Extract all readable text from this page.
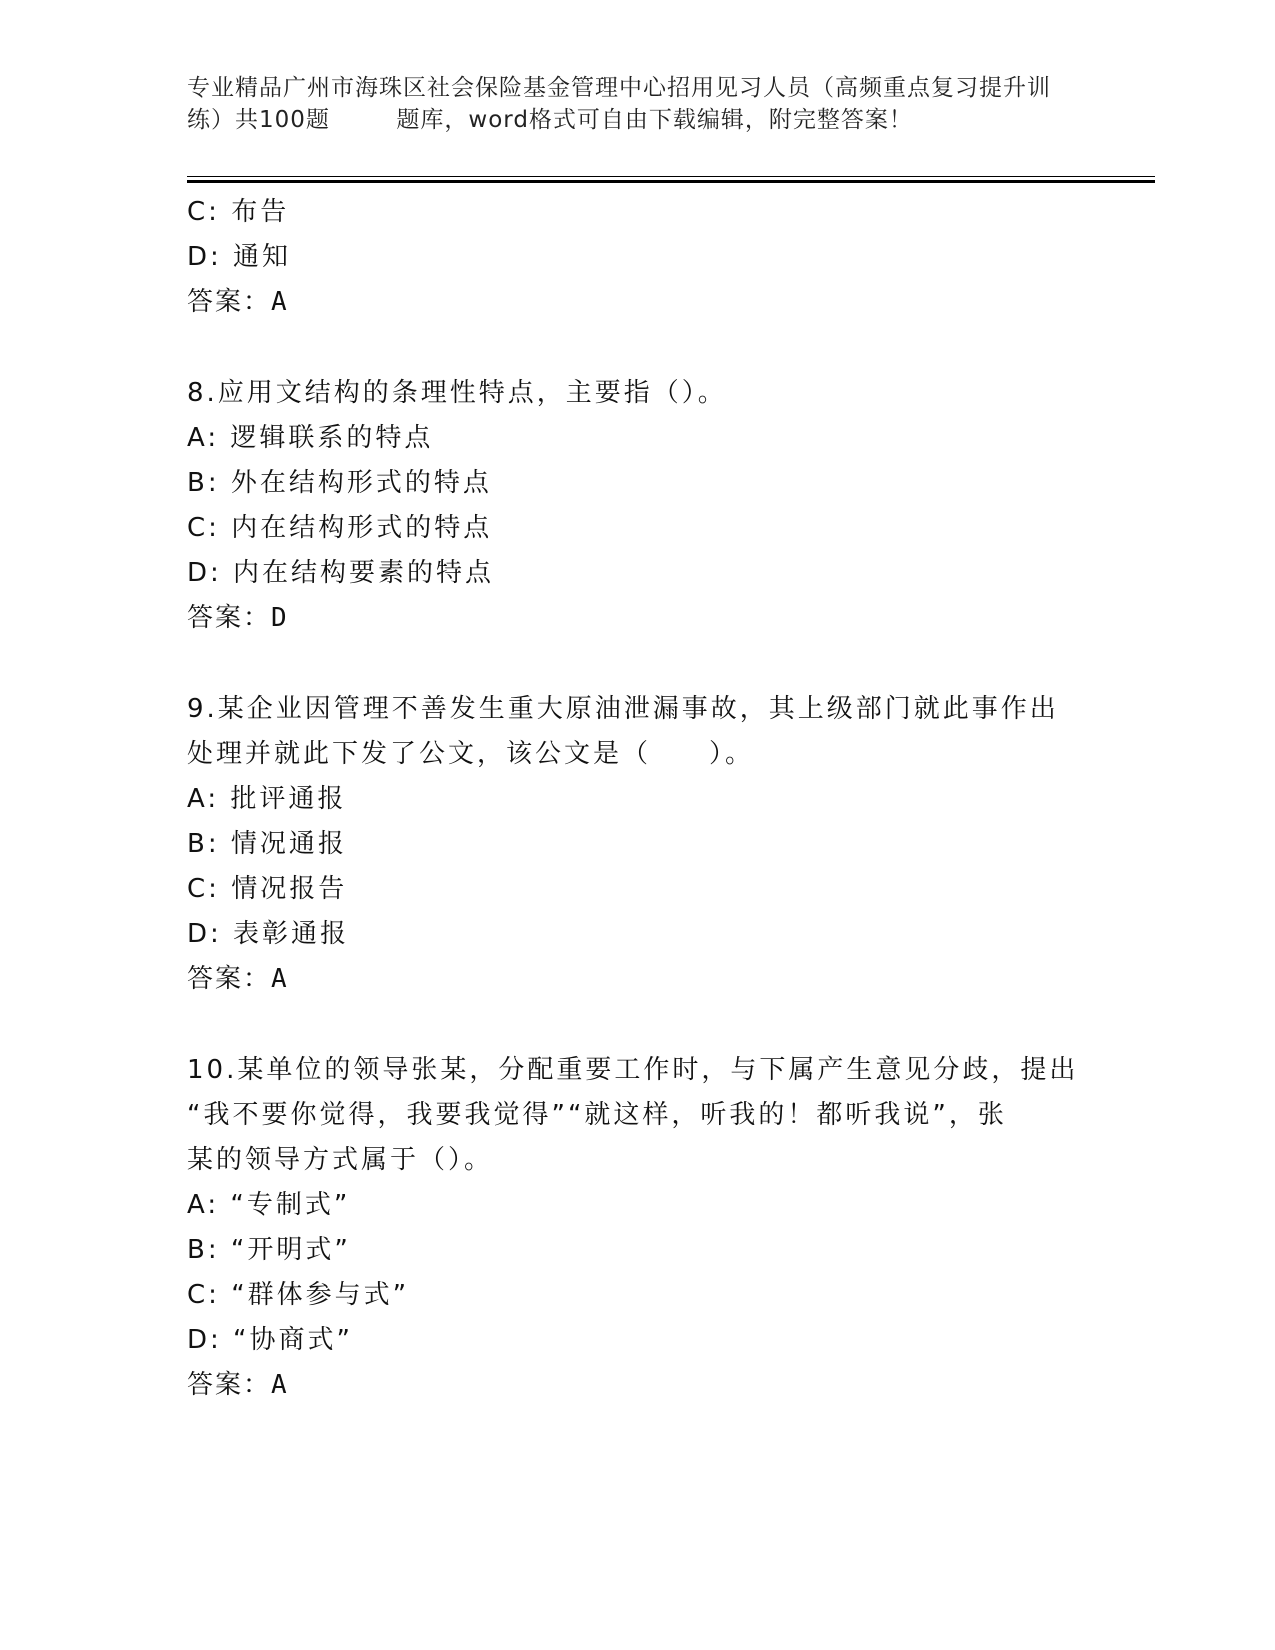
专业精品广州市海珠区社会保险基金管理中心招用见习人员（高频重点复习提升训
练）共100题        题库，word格式可自由下载编辑，附完整答案！
C: 布告
D: 通知
答案：A
8.应用文结构的条理性特点，主要指（）。
A: 逻辑联系的特点
B: 外在结构形式的特点
C: 内在结构形式的特点
D: 内在结构要素的特点
答案：D
9.某企业因管理不善发生重大原油泄漏事故，其上级部门就此事作出
处理并就此下发了公文，该公文是（　　）。
A: 批评通报
B: 情况通报
C: 情况报告
D: 表彰通报
答案：A
10.某单位的领导张某，分配重要工作时，与下属产生意见分歧，提出
“我不要你觉得，我要我觉得”“就这样，听我的！都听我说”，张
某的领导方式属于（）。
A: “专制式”
B: “开明式”
C: “群体参与式”
D: “协商式”
答案：A
